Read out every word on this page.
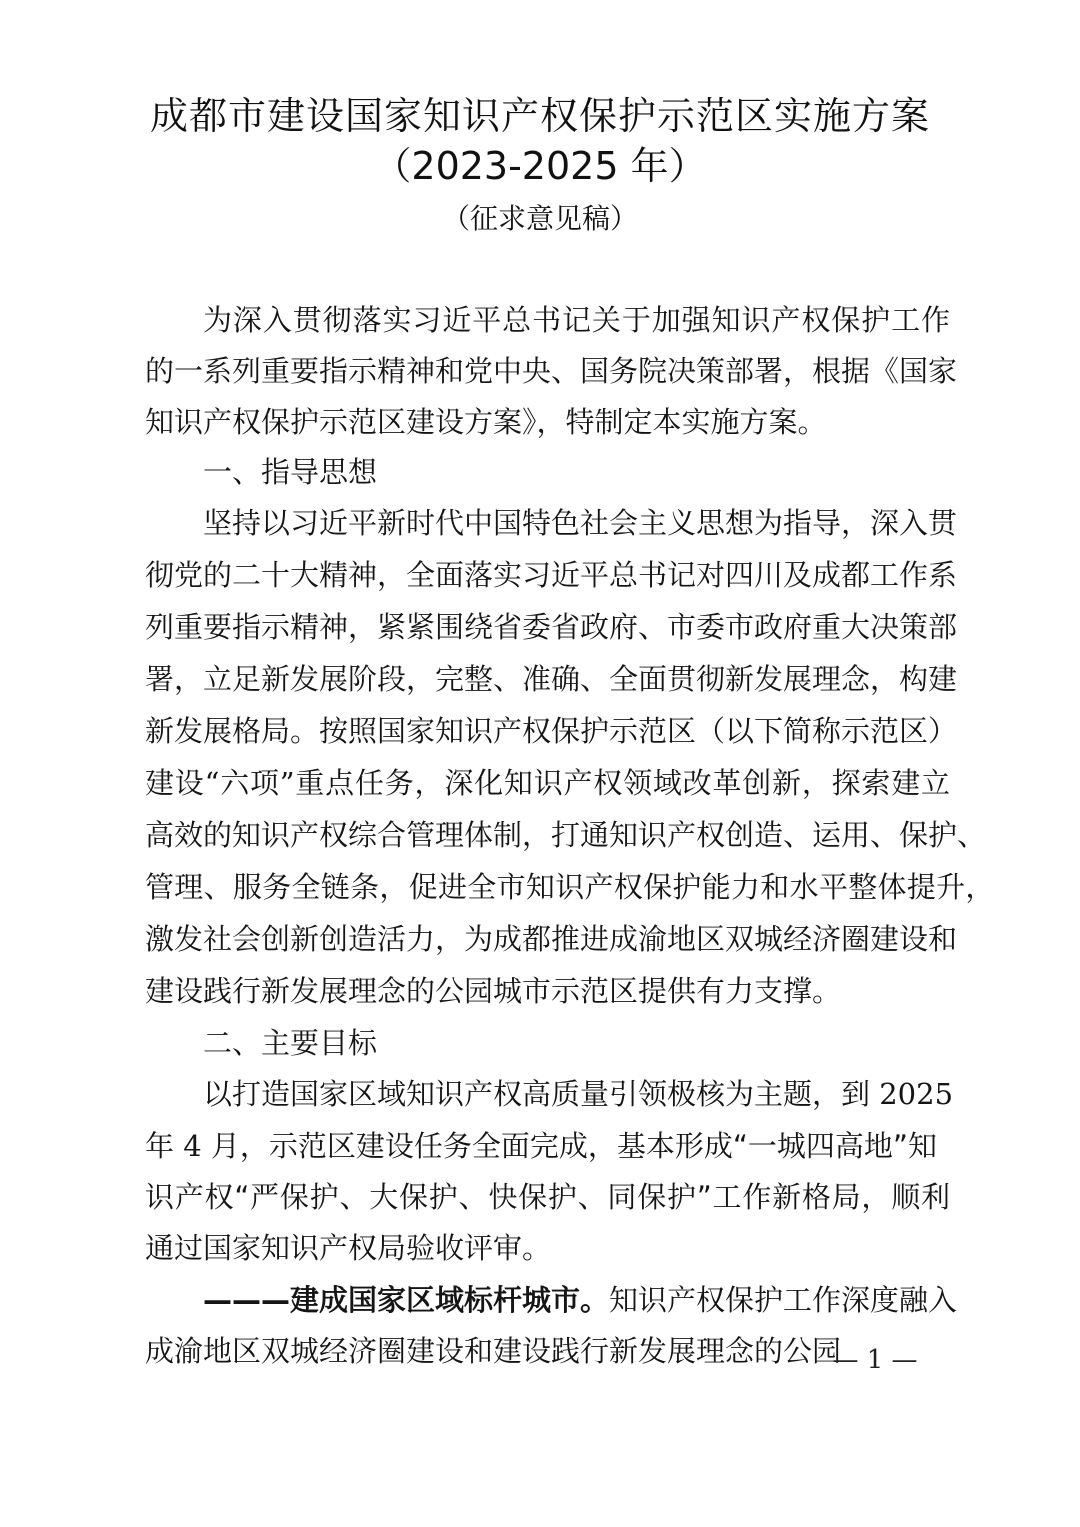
成都市建设国家知识产权保护示范区实施方案
（2023-2025 年）
（征求意见稿）
为深入贯彻落实习近平总书记关于加强知识产权保护工作
的一系列重要指示精神和党中央、国务院决策部署，根据《国家
知识产权保护示范区建设方案》，特制定本实施方案。
一、指导思想
坚持以习近平新时代中国特色社会主义思想为指导，深入贯
彻党的二十大精神，全面落实习近平总书记对四川及成都工作系
列重要指示精神，紧紧围绕省委省政府、市委市政府重大决策部
署，立足新发展阶段，完整、准确、全面贯彻新发展理念，构建
新发展格局。按照国家知识产权保护示范区（以下简称示范区）
建设“六项”重点任务，深化知识产权领域改革创新，探索建立
高效的知识产权综合管理体制，打通知识产权创造、运用、保护、
管理、服务全链条，促进全市知识产权保护能力和水平整体提升，
激发社会创新创造活力，为成都推进成渝地区双城经济圈建设和
建设践行新发展理念的公园城市示范区提供有力支撑。
二、主要目标
以打造国家区域知识产权高质量引领极核为主题，到 2025
年 4 月，示范区建设任务全面完成，基本形成“一城四高地”知
识产权“严保护、大保护、快保护、同保护”工作新格局，顺利
通过国家知识产权局验收评审。
———建成国家区域标杆城市。知识产权保护工作深度融入
成渝地区双城经济圈建设和建设践行新发展理念的公园
— 1 —
